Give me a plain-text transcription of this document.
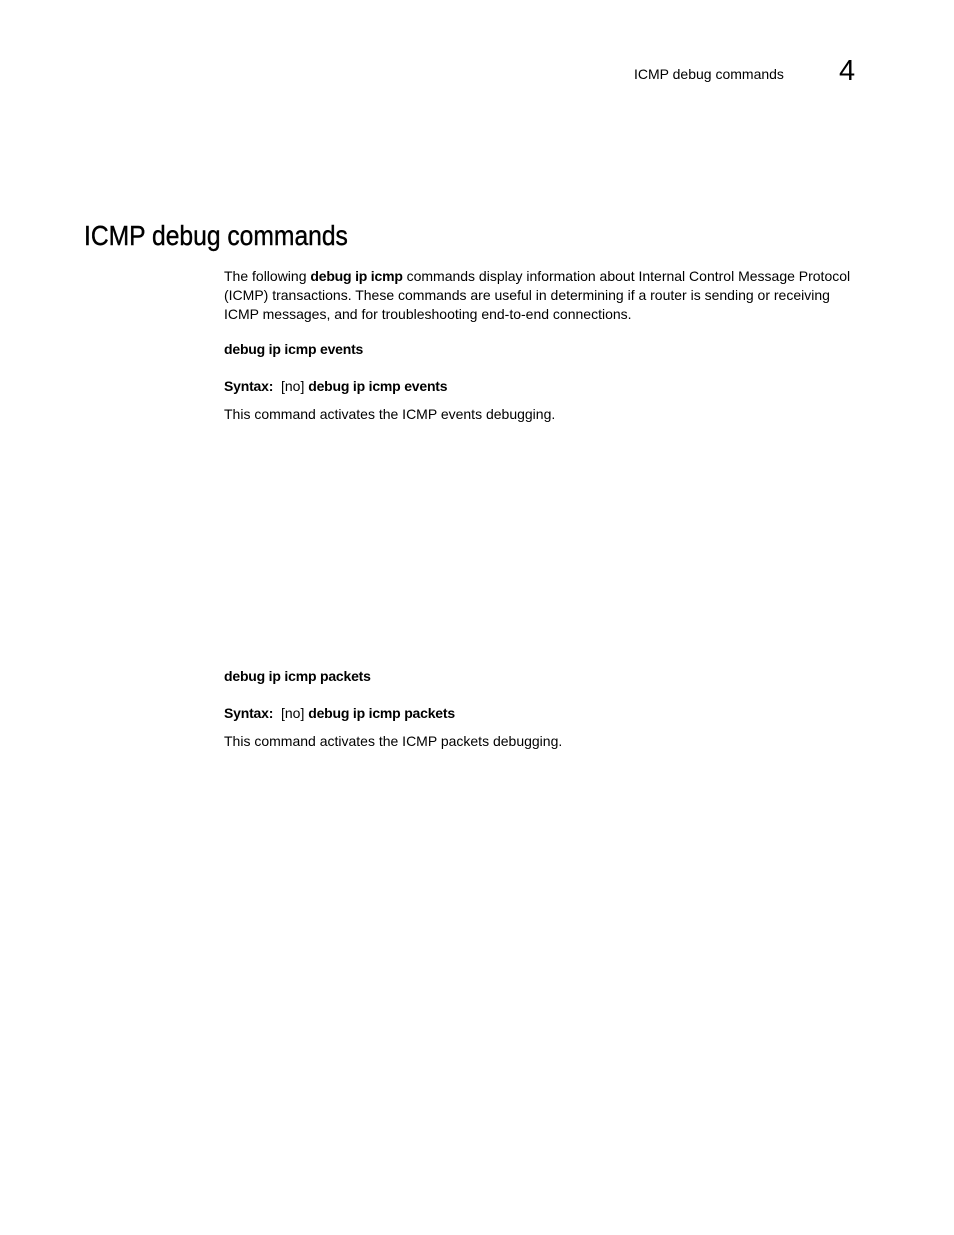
ICMP debug commands 4
ICMP debug commands

The following debug ip icmp commands display information about Internal Control Message Protocol (ICMP) transactions. These commands are useful in determining if a router is sending or receiving ICMP messages, and for troubleshooting end-to-end connections.

debug ip icmp events
Syntax: [no] debug ip icmp events
This command activates the ICMP events debugging.
debug ip icmp packets
Syntax: [no] debug ip icmp packets
This command activates the ICMP packets debugging.
